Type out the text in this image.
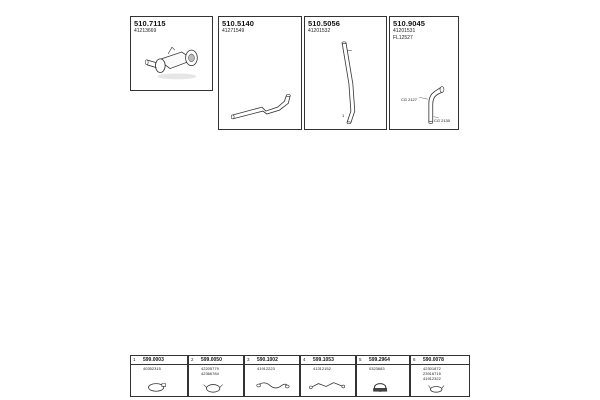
510.7115
41213669
510.5140
41271549
510.5056
41201532
1
510.9045
41201531
FL12527
CG 2127
CG 2130
1 599.0003
40352315
2 599.0050
42205779
42366784
3 590.1002
41912223
4 599.1053
41312152
5 599.2964
0323683
6 590.0078
42301872
23916715
41912322
